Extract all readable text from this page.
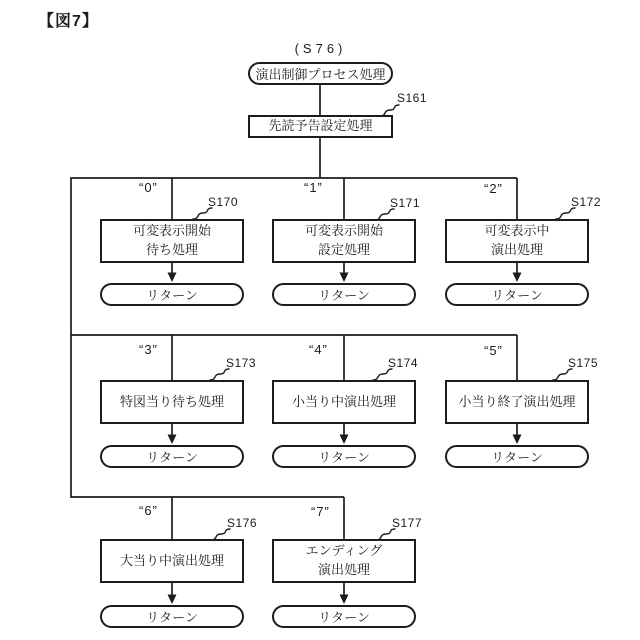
【図7】
(S76)
演出制御プロセス処理
S161
先読予告設定処理
“0”
S170
可変表示開始
待ち処理
リターン
“1”
S171
可変表示開始
設定処理
リターン
“2”
S172
可変表示中
演出処理
リターン
“3”
S173
特図当り待ち処理
リターン
“4”
S174
小当り中演出処理
リターン
“5”
S175
小当り終了演出処理
リターン
“6”
S176
大当り中演出処理
リターン
“7”
S177
エンディング
演出処理
リターン
